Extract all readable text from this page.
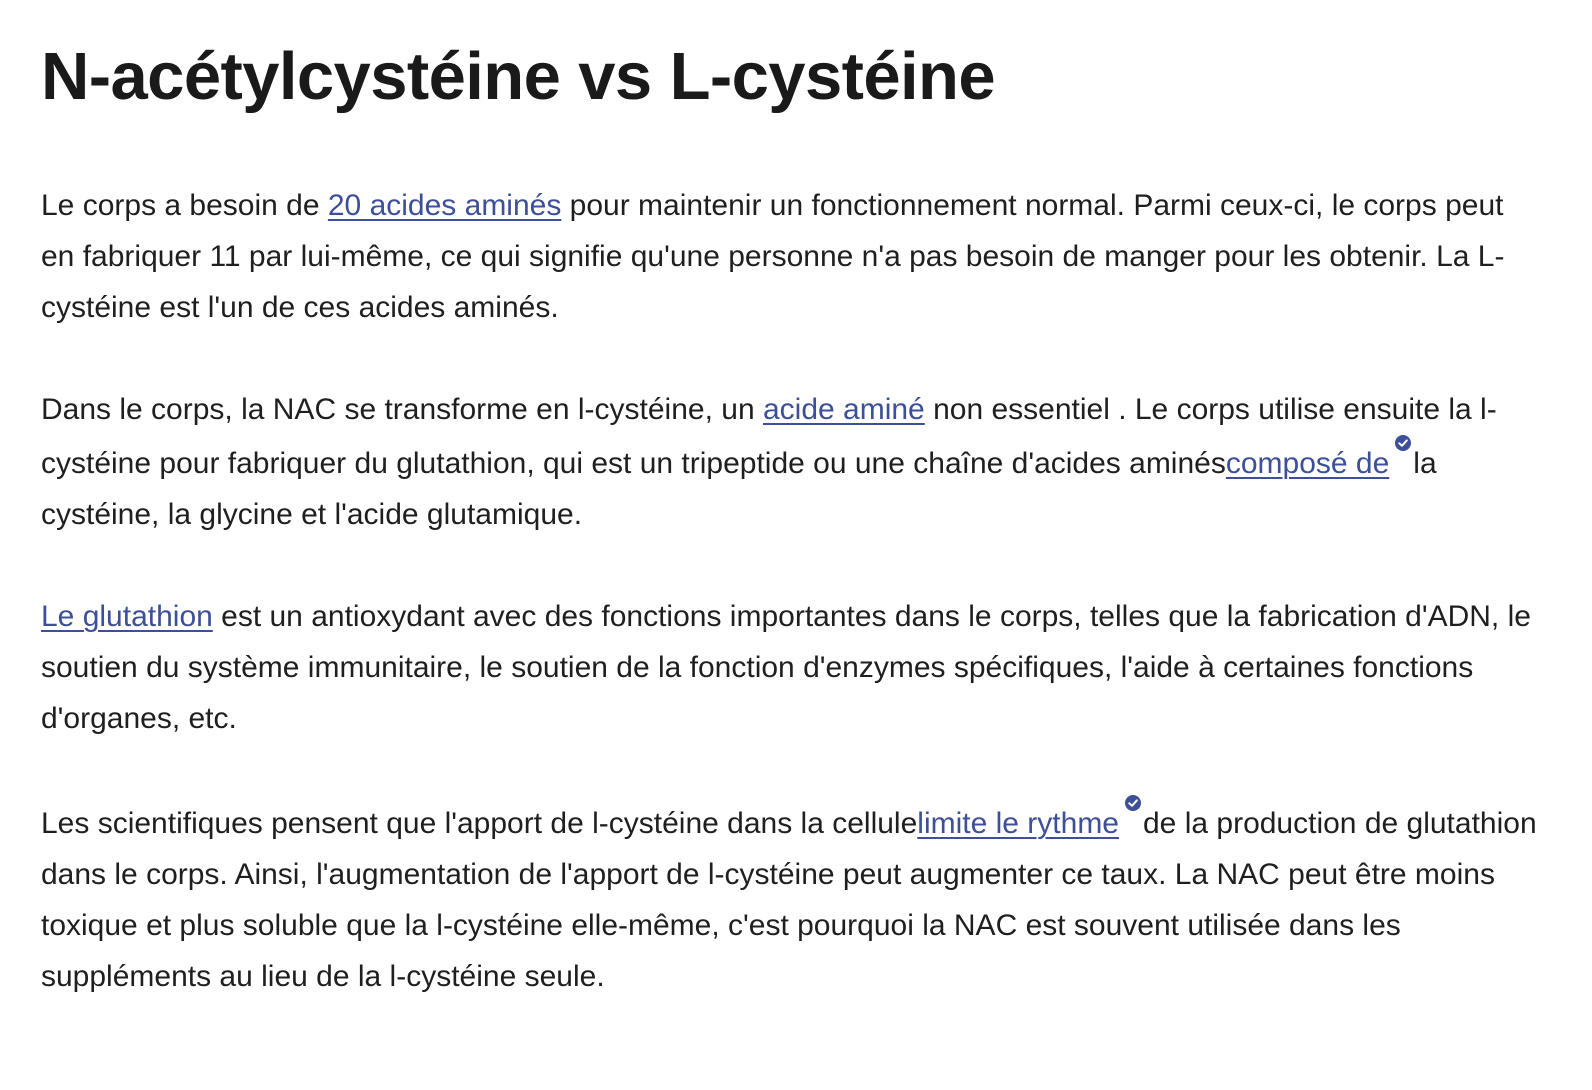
N-acétylcystéine vs L-cystéine

Le corps a besoin de 20 acides aminés pour maintenir un fonctionnement normal. Parmi ceux-ci, le corps peut en fabriquer 11 par lui-même, ce qui signifie qu'une personne n'a pas besoin de manger pour les obtenir. La L-cystéine est l'un de ces acides aminés.

Dans le corps, la NAC se transforme en l-cystéine, un acide aminé non essentiel . Le corps utilise ensuite la l-cystéine pour fabriquer du glutathion, qui est un tripeptide ou une chaîne d'acides aminéscomposé de la cystéine, la glycine et l'acide glutamique.

Le glutathion est un antioxydant avec des fonctions importantes dans le corps, telles que la fabrication d'ADN, le soutien du système immunitaire, le soutien de la fonction d'enzymes spécifiques, l'aide à certaines fonctions d'organes, etc.

Les scientifiques pensent que l'apport de l-cystéine dans la cellulelimite le rythme de la production de glutathion dans le corps. Ainsi, l'augmentation de l'apport de l-cystéine peut augmenter ce taux. La NAC peut être moins toxique et plus soluble que la l-cystéine elle-même, c'est pourquoi la NAC est souvent utilisée dans les suppléments au lieu de la l-cystéine seule.
